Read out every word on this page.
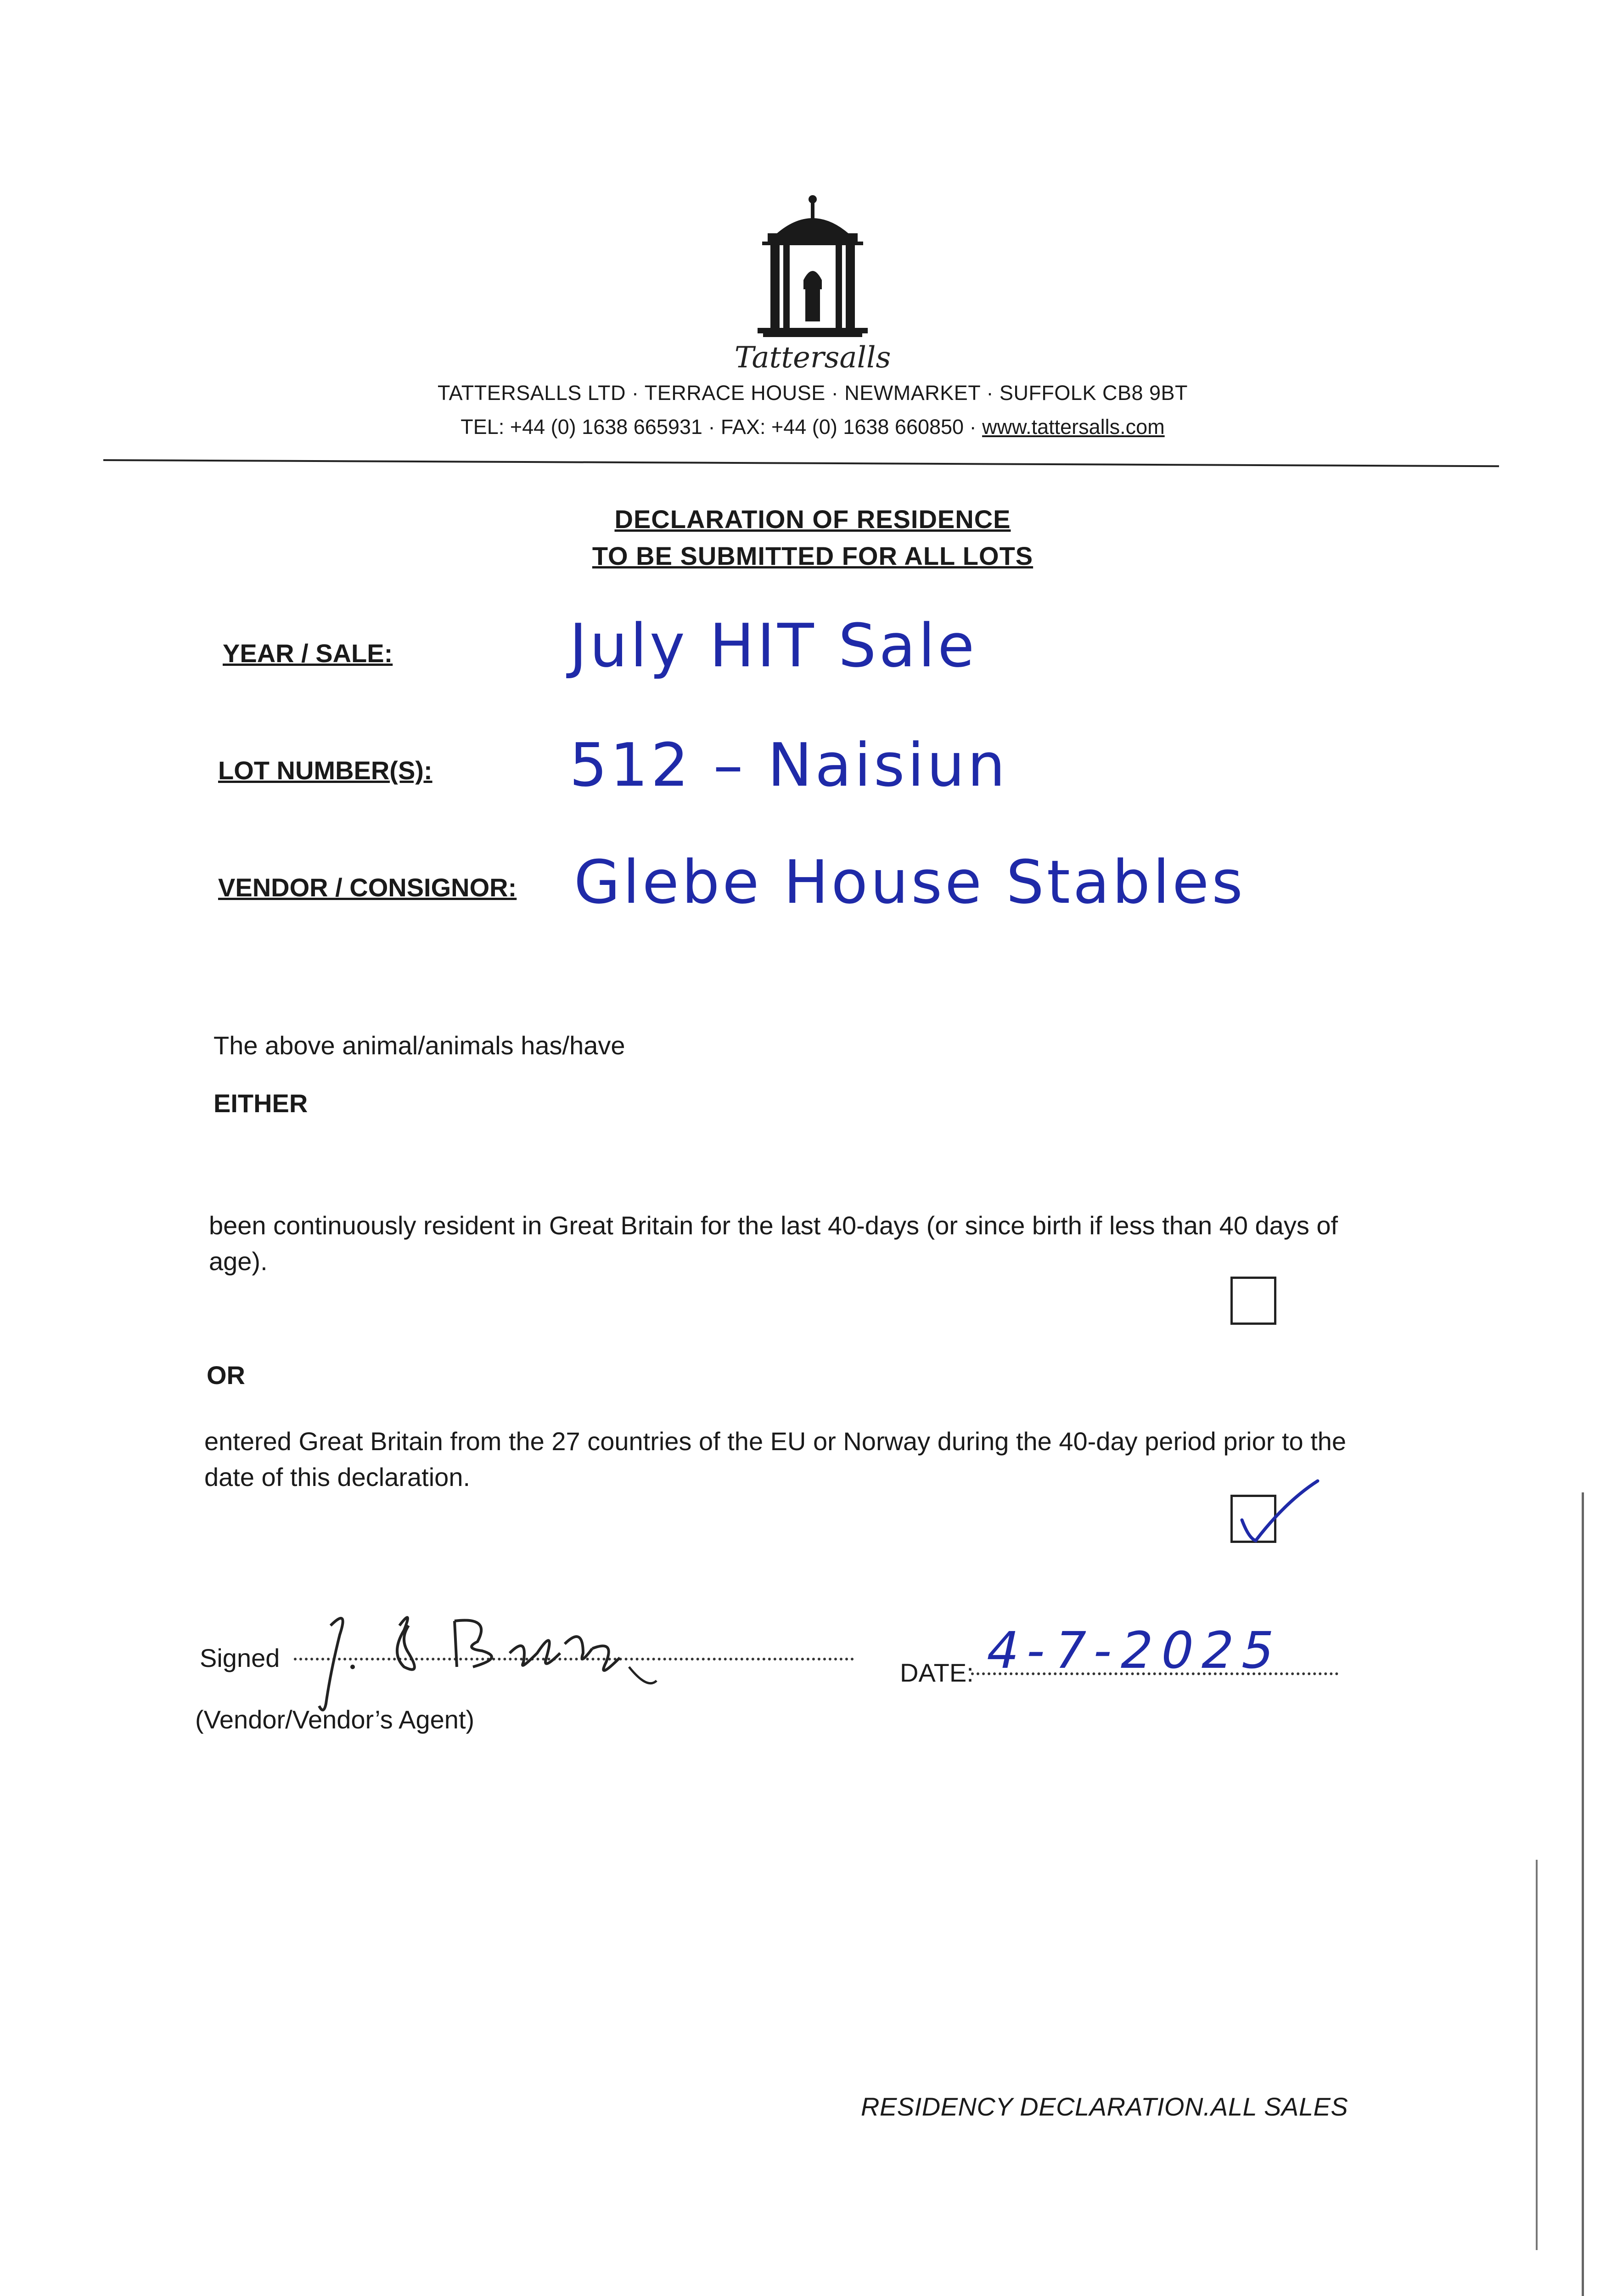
Tattersalls
TATTERSALLS LTD · TERRACE HOUSE · NEWMARKET · SUFFOLK CB8 9BT
TEL: +44 (0) 1638 665931 · FAX: +44 (0) 1638 660850 · www.tattersalls.com
DECLARATION OF RESIDENCE
TO BE SUBMITTED FOR ALL LOTS
YEAR / SALE:	July HIT Sale
LOT NUMBER(S): 512 – Naisiun
VENDOR / CONSIGNOR: Glebe House Stables
The above animal/animals has/have
EITHER
been continuously resident in Great Britain for the last 40-days (or since birth if less than 40 days of age).
OR
entered Great Britain from the 27 countries of the EU or Norway during the 40-day period prior to the date of this declaration.
Signed
(Vendor/Vendor’s Agent)
DATE: 4-7-2025
RESIDENCY DECLARATION.ALL SALES
